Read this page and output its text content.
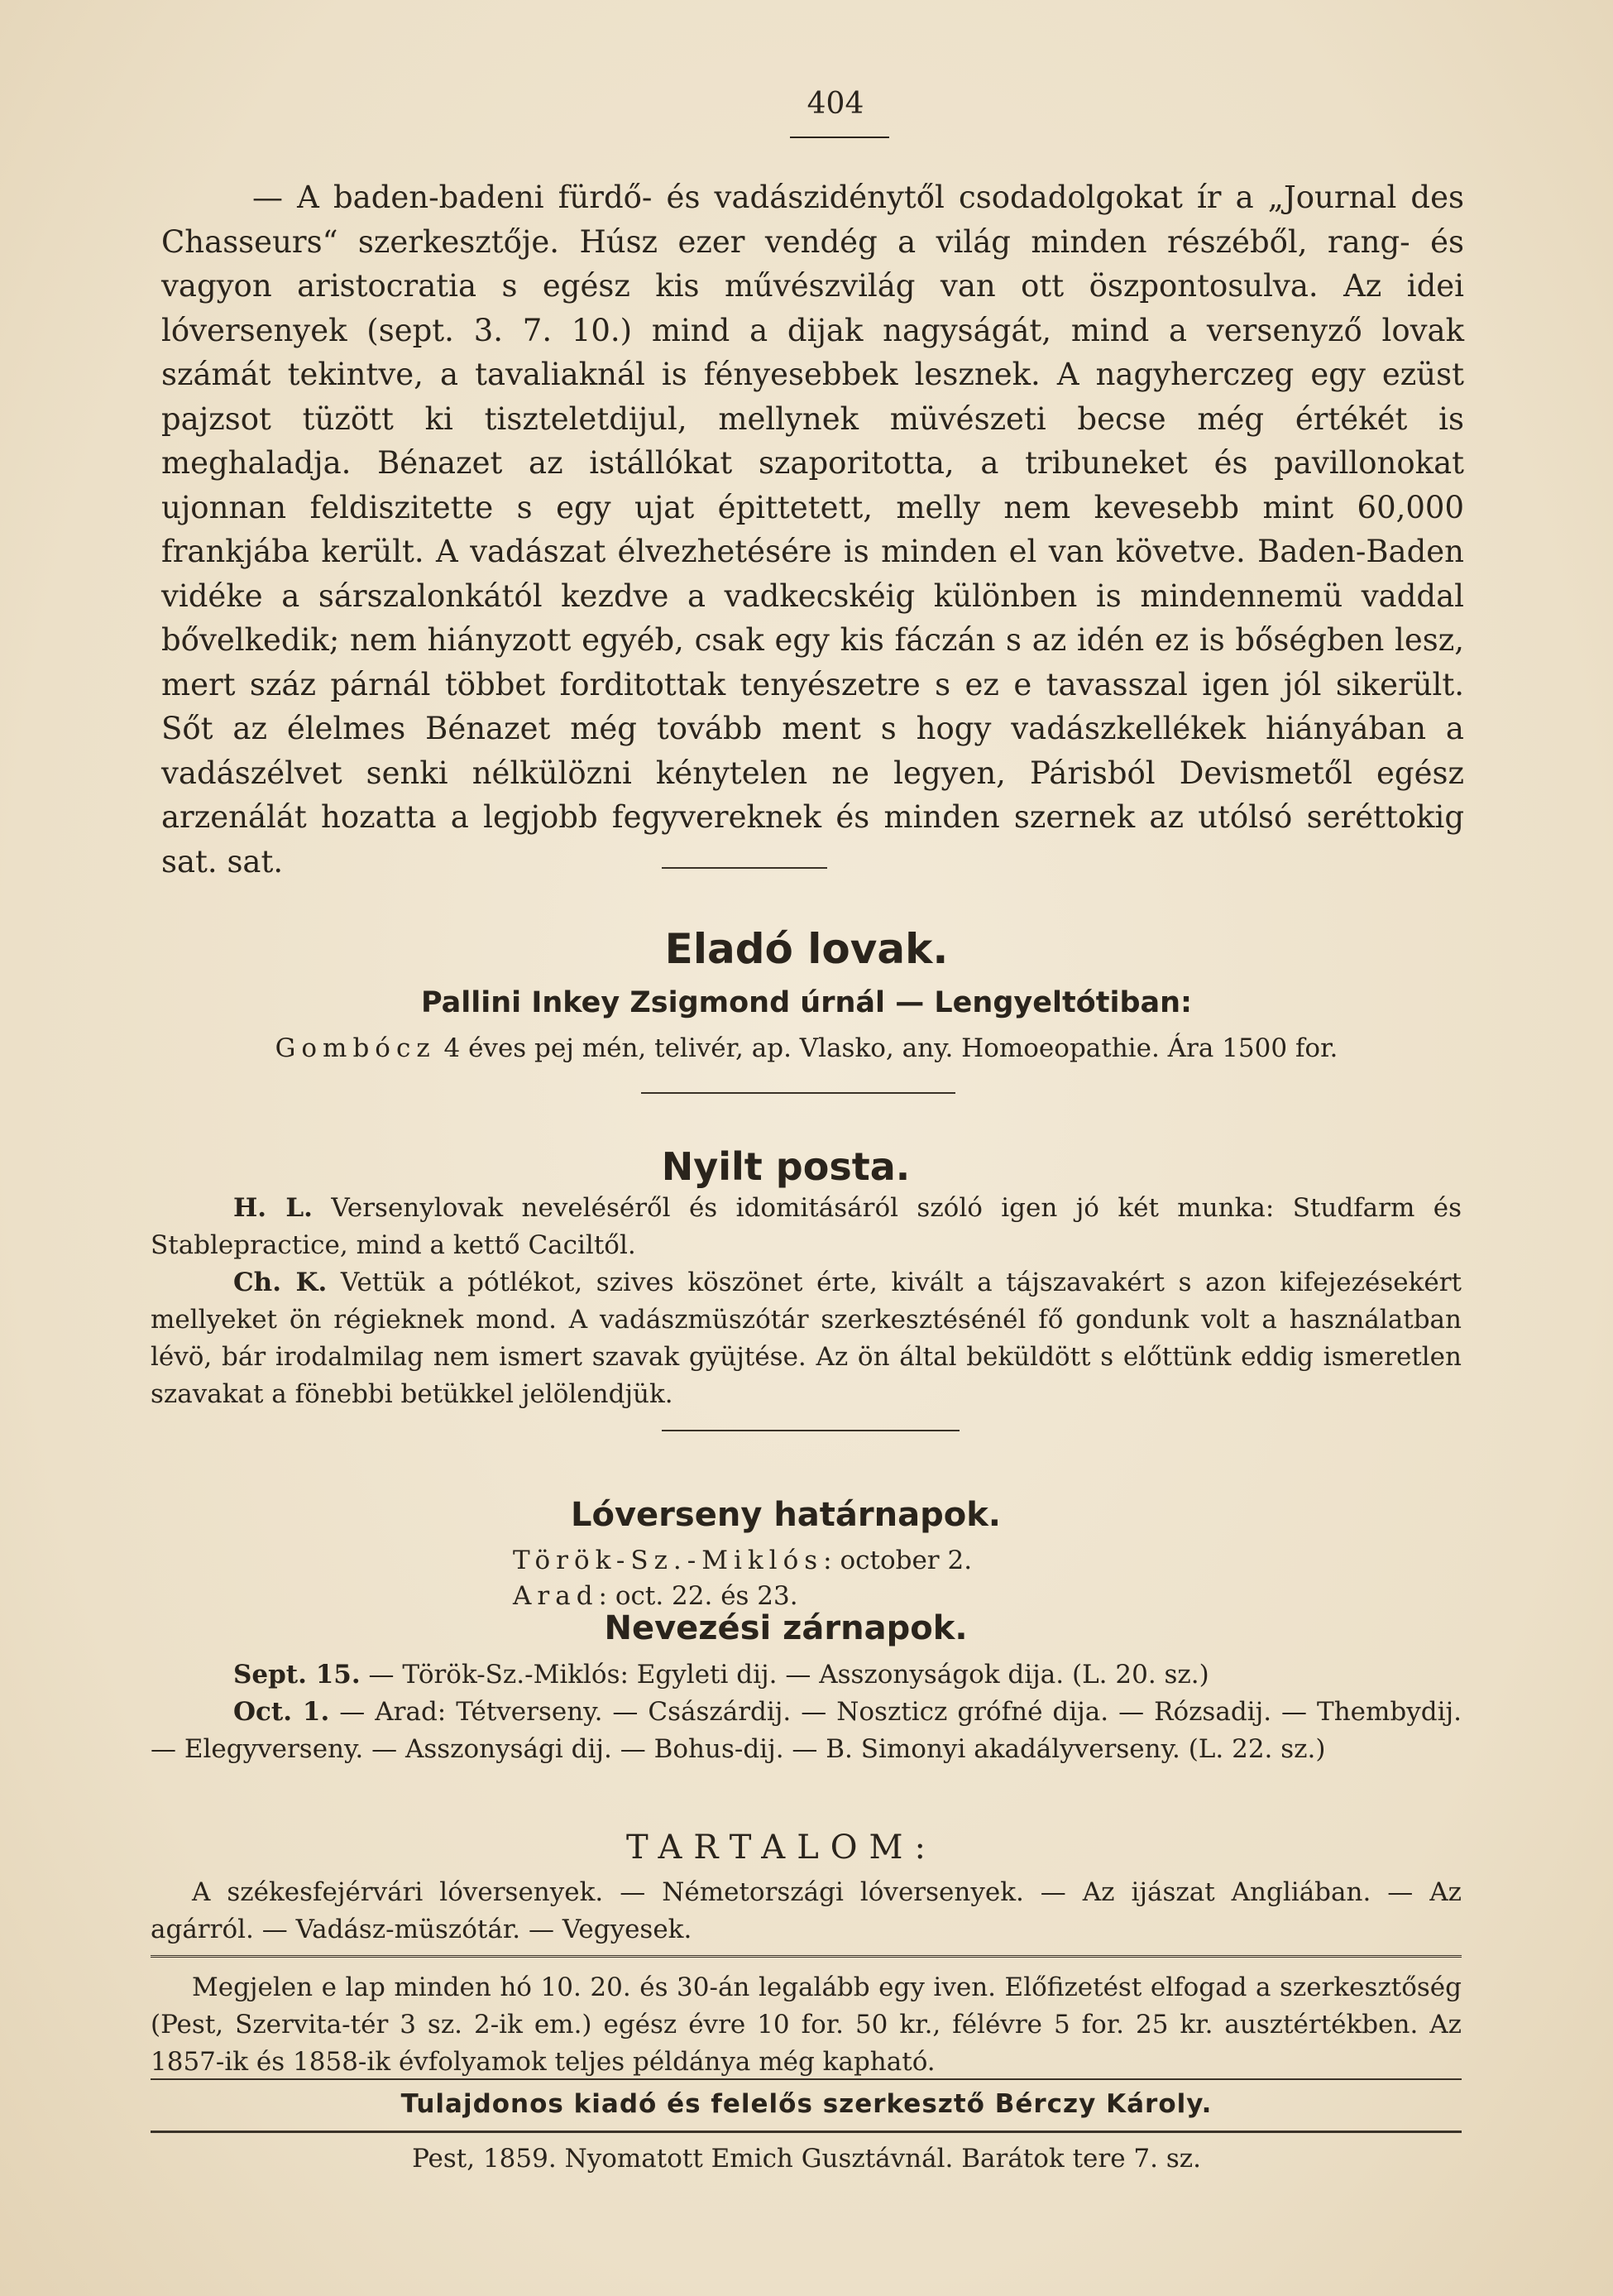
404

— A baden-badeni fürdő- és vadászidénytől csodadolgokat ír a „Journal des Chasseurs“ szerkesztője. Húsz ezer vendég a világ minden részéből, rang- és vagyon aristocratia s egész kis művészvilág van ott öszpontosulva. Az idei lóversenyek (sept. 3. 7. 10.) mind a dijak nagyságát, mind a versenyző lovak számát tekintve, a tavaliaknál is fényesebbek lesznek. A nagyherczeg egy ezüst pajzsot tüzött ki tiszteletdijul, mellynek müvészeti becse még értékét is meghaladja. Bénazet az istállókat szaporitotta, a tribuneket és pavillonokat ujonnan feldiszitette s egy ujat épittetett, melly nem kevesebb mint 60,000 frankjába került. A vadászat élvezhetésére is minden el van követve. Baden-Baden vidéke a sárszalonkától kezdve a vadkecskéig különben is mindennemü vaddal bővelkedik; nem hiányzott egyéb, csak egy kis fáczán s az idén ez is bőségben lesz, mert száz párnál többet forditottak tenyészetre s ez e tavasszal igen jól sikerült. Sőt az élelmes Bénazet még tovább ment s hogy vadászkellékek hiányában a vadászélvet senki nélkülözni kénytelen ne legyen, Párisból Devismetől egész arzenálát hozatta a legjobb fegyvereknek és minden szernek az utólsó seréttokig sat. sat.

Eladó lovak.
Pallini Inkey Zsigmond úrnál — Lengyeltótiban:
Gombócz 4 éves pej mén, telivér, ap. Vlasko, any. Homoeopathie. Ára 1500 for.
Nyilt posta.

H. L. Versenylovak neveléséről és idomitásáról szóló igen jó két munka: Studfarm és Stablepractice, mind a kettő Caciltől.

Ch. K. Vettük a pótlékot, szives köszönet érte, kivált a tájszavakért s azon kifejezésekért mellyeket ön régieknek mond. A vadászmüszótár szerkesztésénél fő gondunk volt a használatban lévö, bár irodalmilag nem ismert szavak gyüjtése. Az ön által beküldött s előttünk eddig ismeretlen szavakat a fönebbi betükkel jelölendjük.

Lóverseny határnapok.
Török-Sz.-Miklós: october 2.
Arad: oct. 22. és 23.
Nevezési zárnapok.

Sept. 15. — Török-Sz.-Miklós: Egyleti dij. — Asszonyságok dija. (L. 20. sz.)

Oct. 1. — Arad: Tétverseny. — Császárdij. — Noszticz grófné dija. — Rózsadij. — Thembydij. — Elegyverseny. — Asszonysági dij. — Bohus-dij. — B. Simonyi akadályverseny. (L. 22. sz.)

TARTALOM:

A székesfejérvári lóversenyek. — Németországi lóversenyek. — Az ijászat Angliában. — Az agárról. — Vadász-müszótár. — Vegyesek.

Megjelen e lap minden hó 10. 20. és 30-án legalább egy iven. Előfizetést elfogad a szerkesztőség (Pest, Szervita-tér 3 sz. 2-ik em.) egész évre 10 for. 50 kr., félévre 5 for. 25 kr. ausztértékben. Az 1857-ik és 1858-ik évfolyamok teljes példánya még kapható.

Tulajdonos kiadó és felelős szerkesztő Bérczy Károly.
Pest, 1859. Nyomatott Emich Gusztávnál. Barátok tere 7. sz.
